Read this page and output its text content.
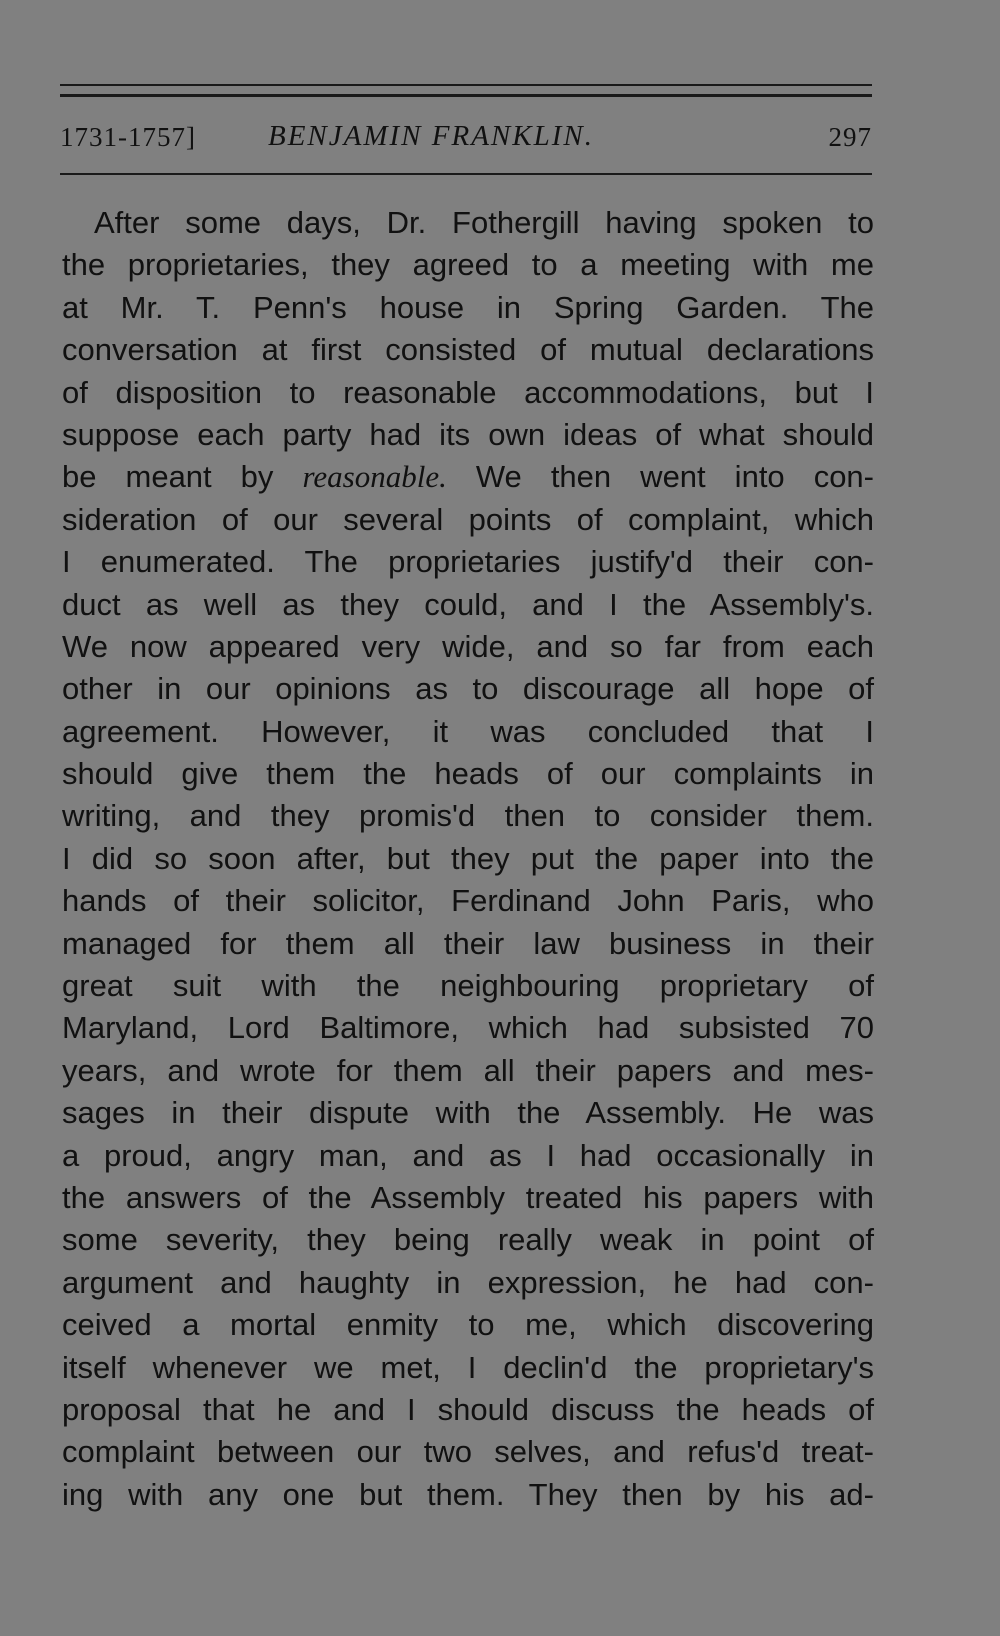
1731-1757] BENJAMIN FRANKLIN.	297
After some days, Dr. Fothergill having spoken to
the proprietaries, they agreed to a meeting with me
at Mr. T. Penn's house in Spring Garden. The
conversation at first consisted of mutual declarations
of disposition to reasonable accommodations, but I
suppose each party had its own ideas of what should
be meant by reasonable. We then went into con-
sideration of our several points of complaint, which
I enumerated. The proprietaries justify'd their con-
duct as well as they could, and I the Assembly's.
We now appeared very wide, and so far from each
other in our opinions as to discourage all hope of
agreement. However, it was concluded that I
should give them the heads of our complaints in
writing, and they promis'd then to consider them.
I did so soon after, but they put the paper into the
hands of their solicitor, Ferdinand John Paris, who
managed for them all their law business in their
great suit with the neighbouring proprietary of
Maryland, Lord Baltimore, which had subsisted 70
years, and wrote for them all their papers and mes-
sages in their dispute with the Assembly. He was
a proud, angry man, and as I had occasionally in
the answers of the Assembly treated his papers with
some severity, they being really weak in point of
argument and haughty in expression, he had con-
ceived a mortal enmity to me, which discovering
itself whenever we met, I declin'd the proprietary's
proposal that he and I should discuss the heads of
complaint between our two selves, and refus'd treat-
ing with any one but them. They then by his ad-
